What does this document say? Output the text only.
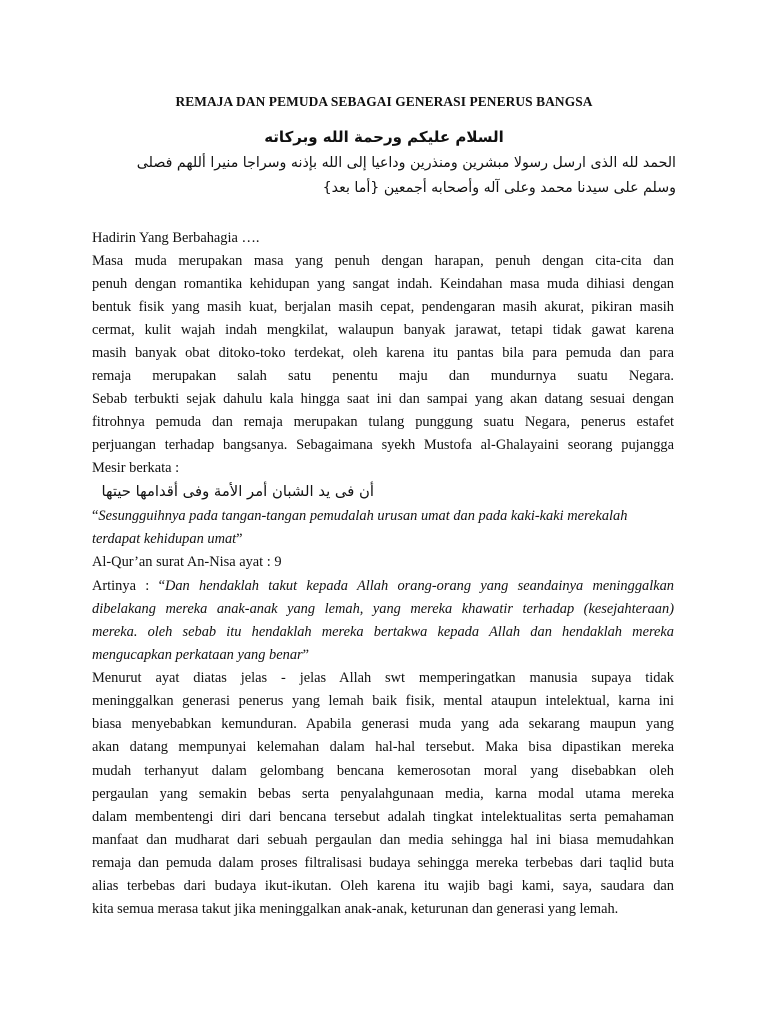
REMAJA DAN PEMUDA SEBAGAI GENERASI PENERUS BANGSA
السلام عليكم ورحمة الله وبركاته
الحمد لله الذى ارسل رسولا مبشرين ومنذرين وداعيا إلى الله بإذنه وسراجا منيرا أللهم فصلى
وسلم على سيدنا محمد وعلى آله وأصحابه أجمعين {أما بعد}
Hadirin Yang Berbahagia ….
Masa muda merupakan masa yang penuh dengan harapan, penuh dengan cita-cita dan
penuh dengan romantika kehidupan yang sangat indah. Keindahan masa muda dihiasi dengan
bentuk fisik yang masih kuat, berjalan masih cepat, pendengaran masih akurat, pikiran masih
cermat, kulit wajah indah mengkilat, walaupun banyak jarawat, tetapi tidak gawat karena
masih banyak obat ditoko-toko terdekat, oleh karena itu pantas bila para pemuda dan para
remaja merupakan salah satu penentu maju dan mundurnya suatu Negara.
Sebab terbukti sejak dahulu kala hingga saat ini dan sampai yang akan datang sesuai dengan
fitrohnya pemuda dan remaja merupakan tulang punggung suatu Negara, penerus estafet
perjuangan terhadap bangsanya. Sebagaimana syekh Mustofa al-Ghalayaini seorang pujangga
Mesir berkata :
أن فى يد الشبان أمر الأمة وفى أقدامها حيتها
“Sesungguihnya pada tangan-tangan pemudalah urusan umat dan pada kaki-kaki merekalah
terdapat kehidupan umat”
Al-Qur’an surat An-Nisa ayat : 9
Artinya : “Dan hendaklah takut kepada Allah orang-orang yang seandainya meninggalkan
dibelakang mereka anak-anak yang lemah, yang mereka khawatir terhadap (kesejahteraan)
mereka. oleh sebab itu hendaklah mereka bertakwa kepada Allah dan hendaklah mereka
mengucapkan perkataan yang benar”
Menurut ayat diatas jelas - jelas Allah swt memperingatkan manusia supaya tidak
meninggalkan generasi penerus yang lemah baik fisik, mental ataupun intelektual, karna ini
biasa menyebabkan kemunduran. Apabila generasi muda yang ada sekarang maupun yang
akan datang mempunyai kelemahan dalam hal-hal tersebut. Maka bisa dipastikan mereka
mudah terhanyut dalam gelombang bencana kemerosotan moral yang disebabkan oleh
pergaulan yang semakin bebas serta penyalahgunaan media, karna modal utama mereka
dalam membentengi diri dari bencana tersebut adalah tingkat intelektualitas serta pemahaman
manfaat dan mudharat dari sebuah pergaulan dan media sehingga hal ini biasa memudahkan
remaja dan pemuda dalam proses filtralisasi budaya sehingga mereka terbebas dari taqlid buta
alias terbebas dari budaya ikut-ikutan. Oleh karena itu wajib bagi kami, saya, saudara dan
kita semua merasa takut jika meninggalkan anak-anak, keturunan dan generasi yang lemah.
